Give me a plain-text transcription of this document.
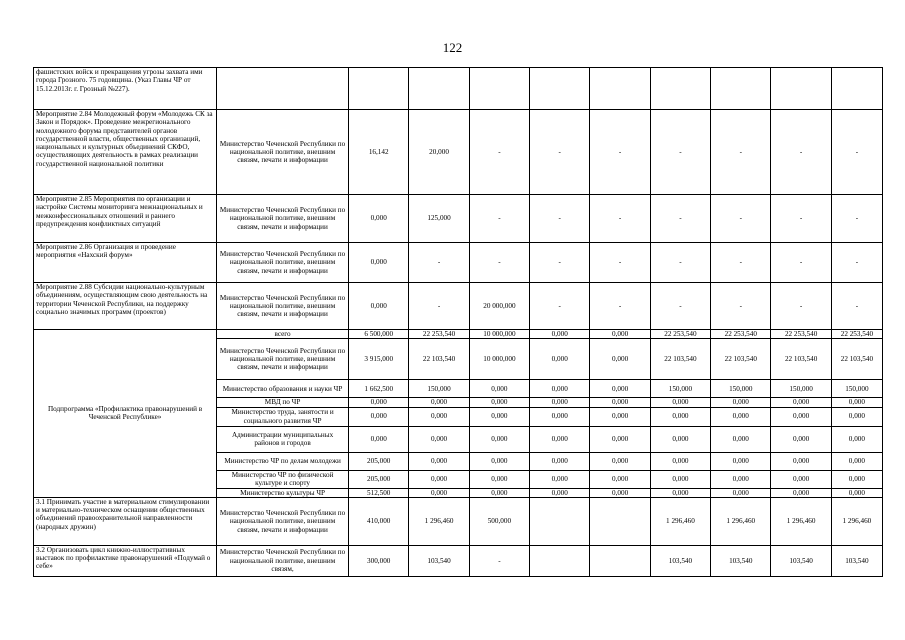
122
фашистских войск и прекращения угрозы захвата ими города Грозного. 75 годовщина. (Указ Главы ЧР от 15.12.2013г. г. Грозный №227).										
Мероприятие 2.84 Молодежный форум «Молодежь СК за Закон и Порядок». Проведение межрегионального молодежного форума представителей органов государственной власти, общественных организаций, национальных и культурных объединений СКФО, осуществляющих деятельность в рамках реализации государственной национальной политики	Министерство Чеченской Республики по национальной политике, внешним связям, печати и информации	16,142	20,000	-	-	-	-	-	-	-
Мероприятие 2.85 Мероприятия по организации и настройке Системы мониторинга межнациональных и межконфессиональных отношений и раннего предупреждения конфликтных ситуаций	Министерство Чеченской Республики по национальной политике, внешним связям, печати и информации	0,000	125,000	-	-	-	-	-	-	-
Мероприятие 2.86 Организация и проведение мероприятия «Нахский форум»	Министерство Чеченской Республики по национальной политике, внешним связям, печати и информации	0,000	-	-	-	-	-	-	-	-
Мероприятие 2.88 Субсидии национально-культурным объединениям, осуществляющим свою деятельность на территории Чеченской Республики, на поддержку социально значимых программ (проектов)	Министерство Чеченской Республики по национальной политике, внешним связям, печати и информации	0,000	-	20 000,000	-	-	-	-	-	-
Подпрограмма «Профилактика правонарушений в Чеченской Республике»	всего	6 500,000	22 253,540	10 000,000	0,000	0,000	22 253,540	22 253,540	22 253,540	22 253,540
	Министерство Чеченской Республики по национальной политике, внешним связям, печати и информации	3 915,000	22 103,540	10 000,000	0,000	0,000	22 103,540	22 103,540	22 103,540	22 103,540
	Министерство образования и науки ЧР	1 662,500	150,000	0,000	0,000	0,000	150,000	150,000	150,000	150,000
	МВД по ЧР	0,000	0,000	0,000	0,000	0,000	0,000	0,000	0,000	0,000
	Министерство труда, занятости и социального развития ЧР	0,000	0,000	0,000	0,000	0,000	0,000	0,000	0,000	0,000
	Администрации муниципальных районов и городов	0,000	0,000	0,000	0,000	0,000	0,000	0,000	0,000	0,000
	Министерство ЧР по делам молодежи	205,000	0,000	0,000	0,000	0,000	0,000	0,000	0,000	0,000
	Министерство ЧР по физической культуре и спорту	205,000	0,000	0,000	0,000	0,000	0,000	0,000	0,000	0,000
	Министерство культуры ЧР	512,500	0,000	0,000	0,000	0,000	0,000	0,000	0,000	0,000
3.1 Принимать участие в материальном стимулировании и материально-техническом оснащении общественных объединений правоохранительной направленности (народных дружин)	Министерство Чеченской Республики по национальной политике, внешним связям, печати и информации	410,000	1 296,460	500,000			1 296,460	1 296,460	1 296,460	1 296,460
3.2 Организовать цикл книжно-иллюстративных выставок по профилактике правонарушений «Подумай о себе»	Министерство Чеченской Республики по национальной политике, внешним связям,	300,000	103,540	-			103,540	103,540	103,540	103,540
